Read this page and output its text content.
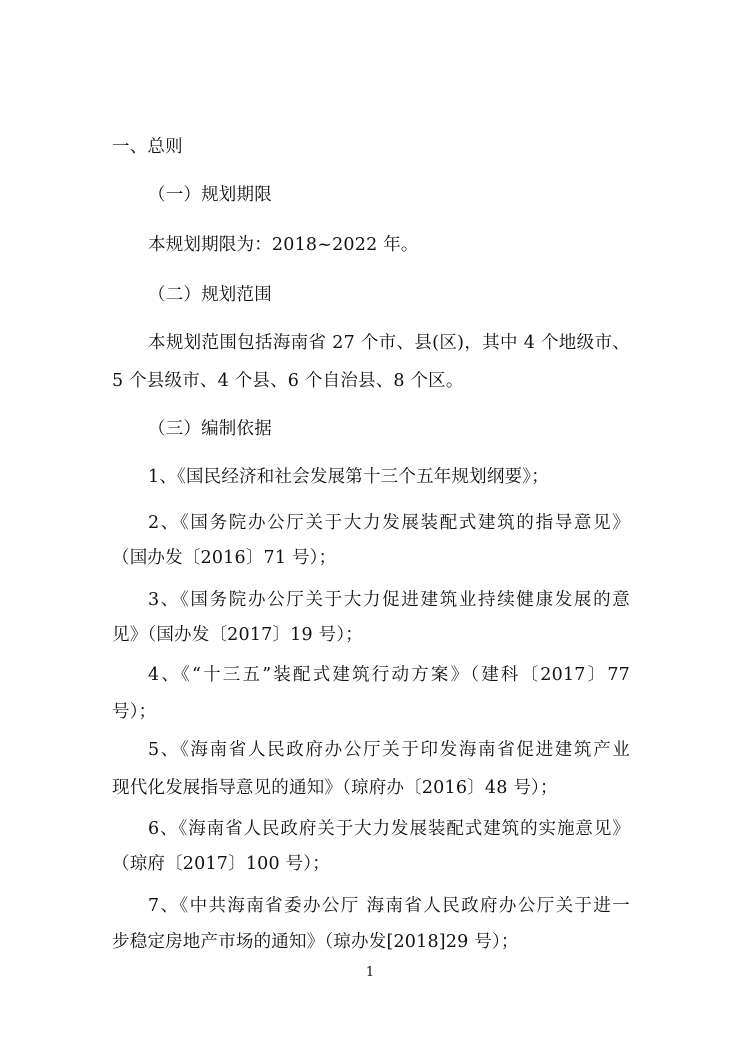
一、总则
（一）规划期限
本规划期限为：2018~2022 年。
（二）规划范围
本规划范围包括海南省 27 个市、县(区)，其中 4 个地级市、
5 个县级市、4 个县、6 个自治县、8 个区。
（三）编制依据
1、《国民经济和社会发展第十三个五年规划纲要》；
2、《国务院办公厅关于大力发展装配式建筑的指导意见》
（国办发〔2016〕71 号）；
3、《国务院办公厅关于大力促进建筑业持续健康发展的意
见》（国办发〔2017〕19 号）；
4、《“十三五”装配式建筑行动方案》（建科〔2017〕77
号）；
5、《海南省人民政府办公厅关于印发海南省促进建筑产业
现代化发展指导意见的通知》（琼府办〔2016〕48 号）；
6、《海南省人民政府关于大力发展装配式建筑的实施意见》
（琼府〔2017〕100 号）；
7、《中共海南省委办公厅 海南省人民政府办公厅关于进一
步稳定房地产市场的通知》（琼办发[2018]29 号）；
1
